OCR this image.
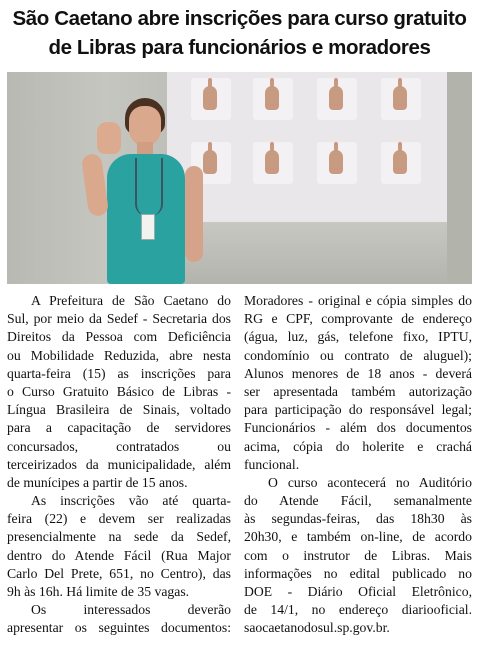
São Caetano abre inscrições para curso gratuito
de Libras para funcionários e moradores
A Prefeitura de São Caetano do
Sul, por meio da Sedef - Secretaria dos
Direitos da Pessoa com Deficiência
ou Mobilidade Reduzida, abre nesta
quarta-feira (15) as inscrições para
o Curso Gratuito Básico de Libras -
Língua Brasileira de Sinais, voltado
para a capacitação de servidores
concursados, contratados ou
terceirizados da municipalidade, além
de munícipes a partir de 15 anos.
As inscrições vão até quarta-
feira (22) e devem ser realizadas
presencialmente na sede da Sedef,
dentro do Atende Fácil (Rua Major
Carlo Del Prete, 651, no Centro), das
9h às 16h. Há limite de 35 vagas.
Os interessados deverão
apresentar os seguintes documentos:
Moradores - original e cópia simples do
RG e CPF, comprovante de endereço
(água, luz, gás, telefone fixo, IPTU,
condomínio ou contrato de aluguel);
Alunos menores de 18 anos - deverá
ser apresentada também autorização
para participação do responsável legal;
Funcionários - além dos documentos
acima, cópia do holerite e crachá
funcional.
O curso acontecerá no Auditório
do Atende Fácil, semanalmente
às segundas-feiras, das 18h30 às
20h30, e também on-line, de acordo
com o instrutor de Libras. Mais
informações no edital publicado no
DOE - Diário Oficial Eletrônico,
de 14/1, no endereço diariooficial.
saocaetanodosul.sp.gov.br.
